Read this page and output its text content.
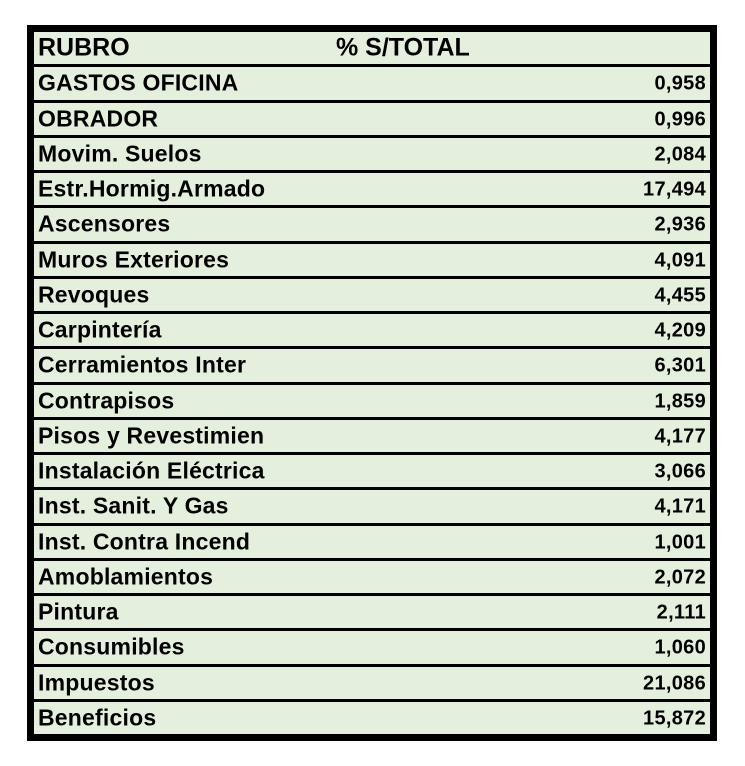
RUBRO	% S/TOTAL
GASTOS OFICINA	0,958
OBRADOR	0,996
Movim. Suelos	2,084
Estr.Hormig.Armado	17,494
Ascensores	2,936
Muros Exteriores	4,091
Revoques	4,455
Carpintería	4,209
Cerramientos Inter	6,301
Contrapisos	1,859
Pisos y Revestimien	4,177
Instalación Eléctrica	3,066
Inst. Sanit. Y Gas	4,171
Inst. Contra Incend	1,001
Amoblamientos	2,072
Pintura	2,111
Consumibles	1,060
Impuestos	21,086
Beneficios	15,872
